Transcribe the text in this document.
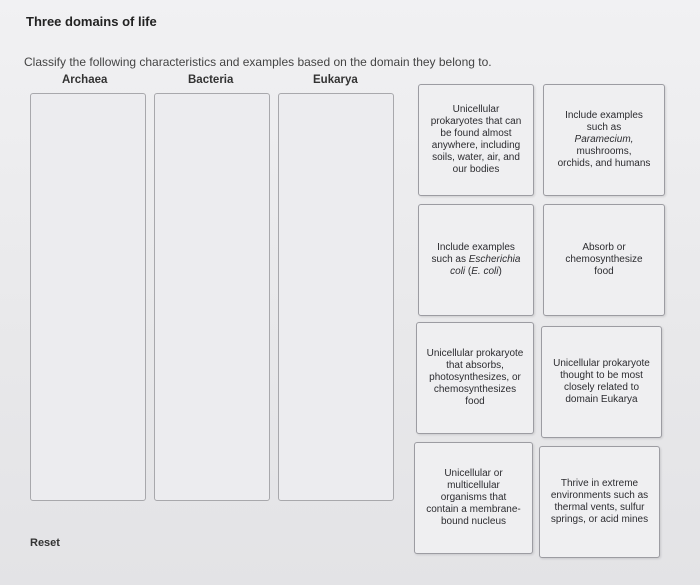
Three domains of life
Classify the following characteristics and examples based on the domain they belong to.
Archaea	Bacteria	Eukarya
Unicellular
prokaryotes that can
be found almost
anywhere, including
soils, water, air, and
our bodies
Include examples
such as
Paramecium, mushrooms,
orchids, and humans
Include examples
such as Escherichia
coli (E. coli)
Absorb or
chemosynthesize
food
Unicellular prokaryote
that absorbs,
photosynthesizes, or
chemosynthesizes
food
Unicellular prokaryote
thought to be most
closely related to
domain Eukarya
Unicellular or
multicellular
organisms that
contain a membrane-
bound nucleus
Thrive in extreme
environments such as
thermal vents, sulfur
springs, or acid mines
Reset
